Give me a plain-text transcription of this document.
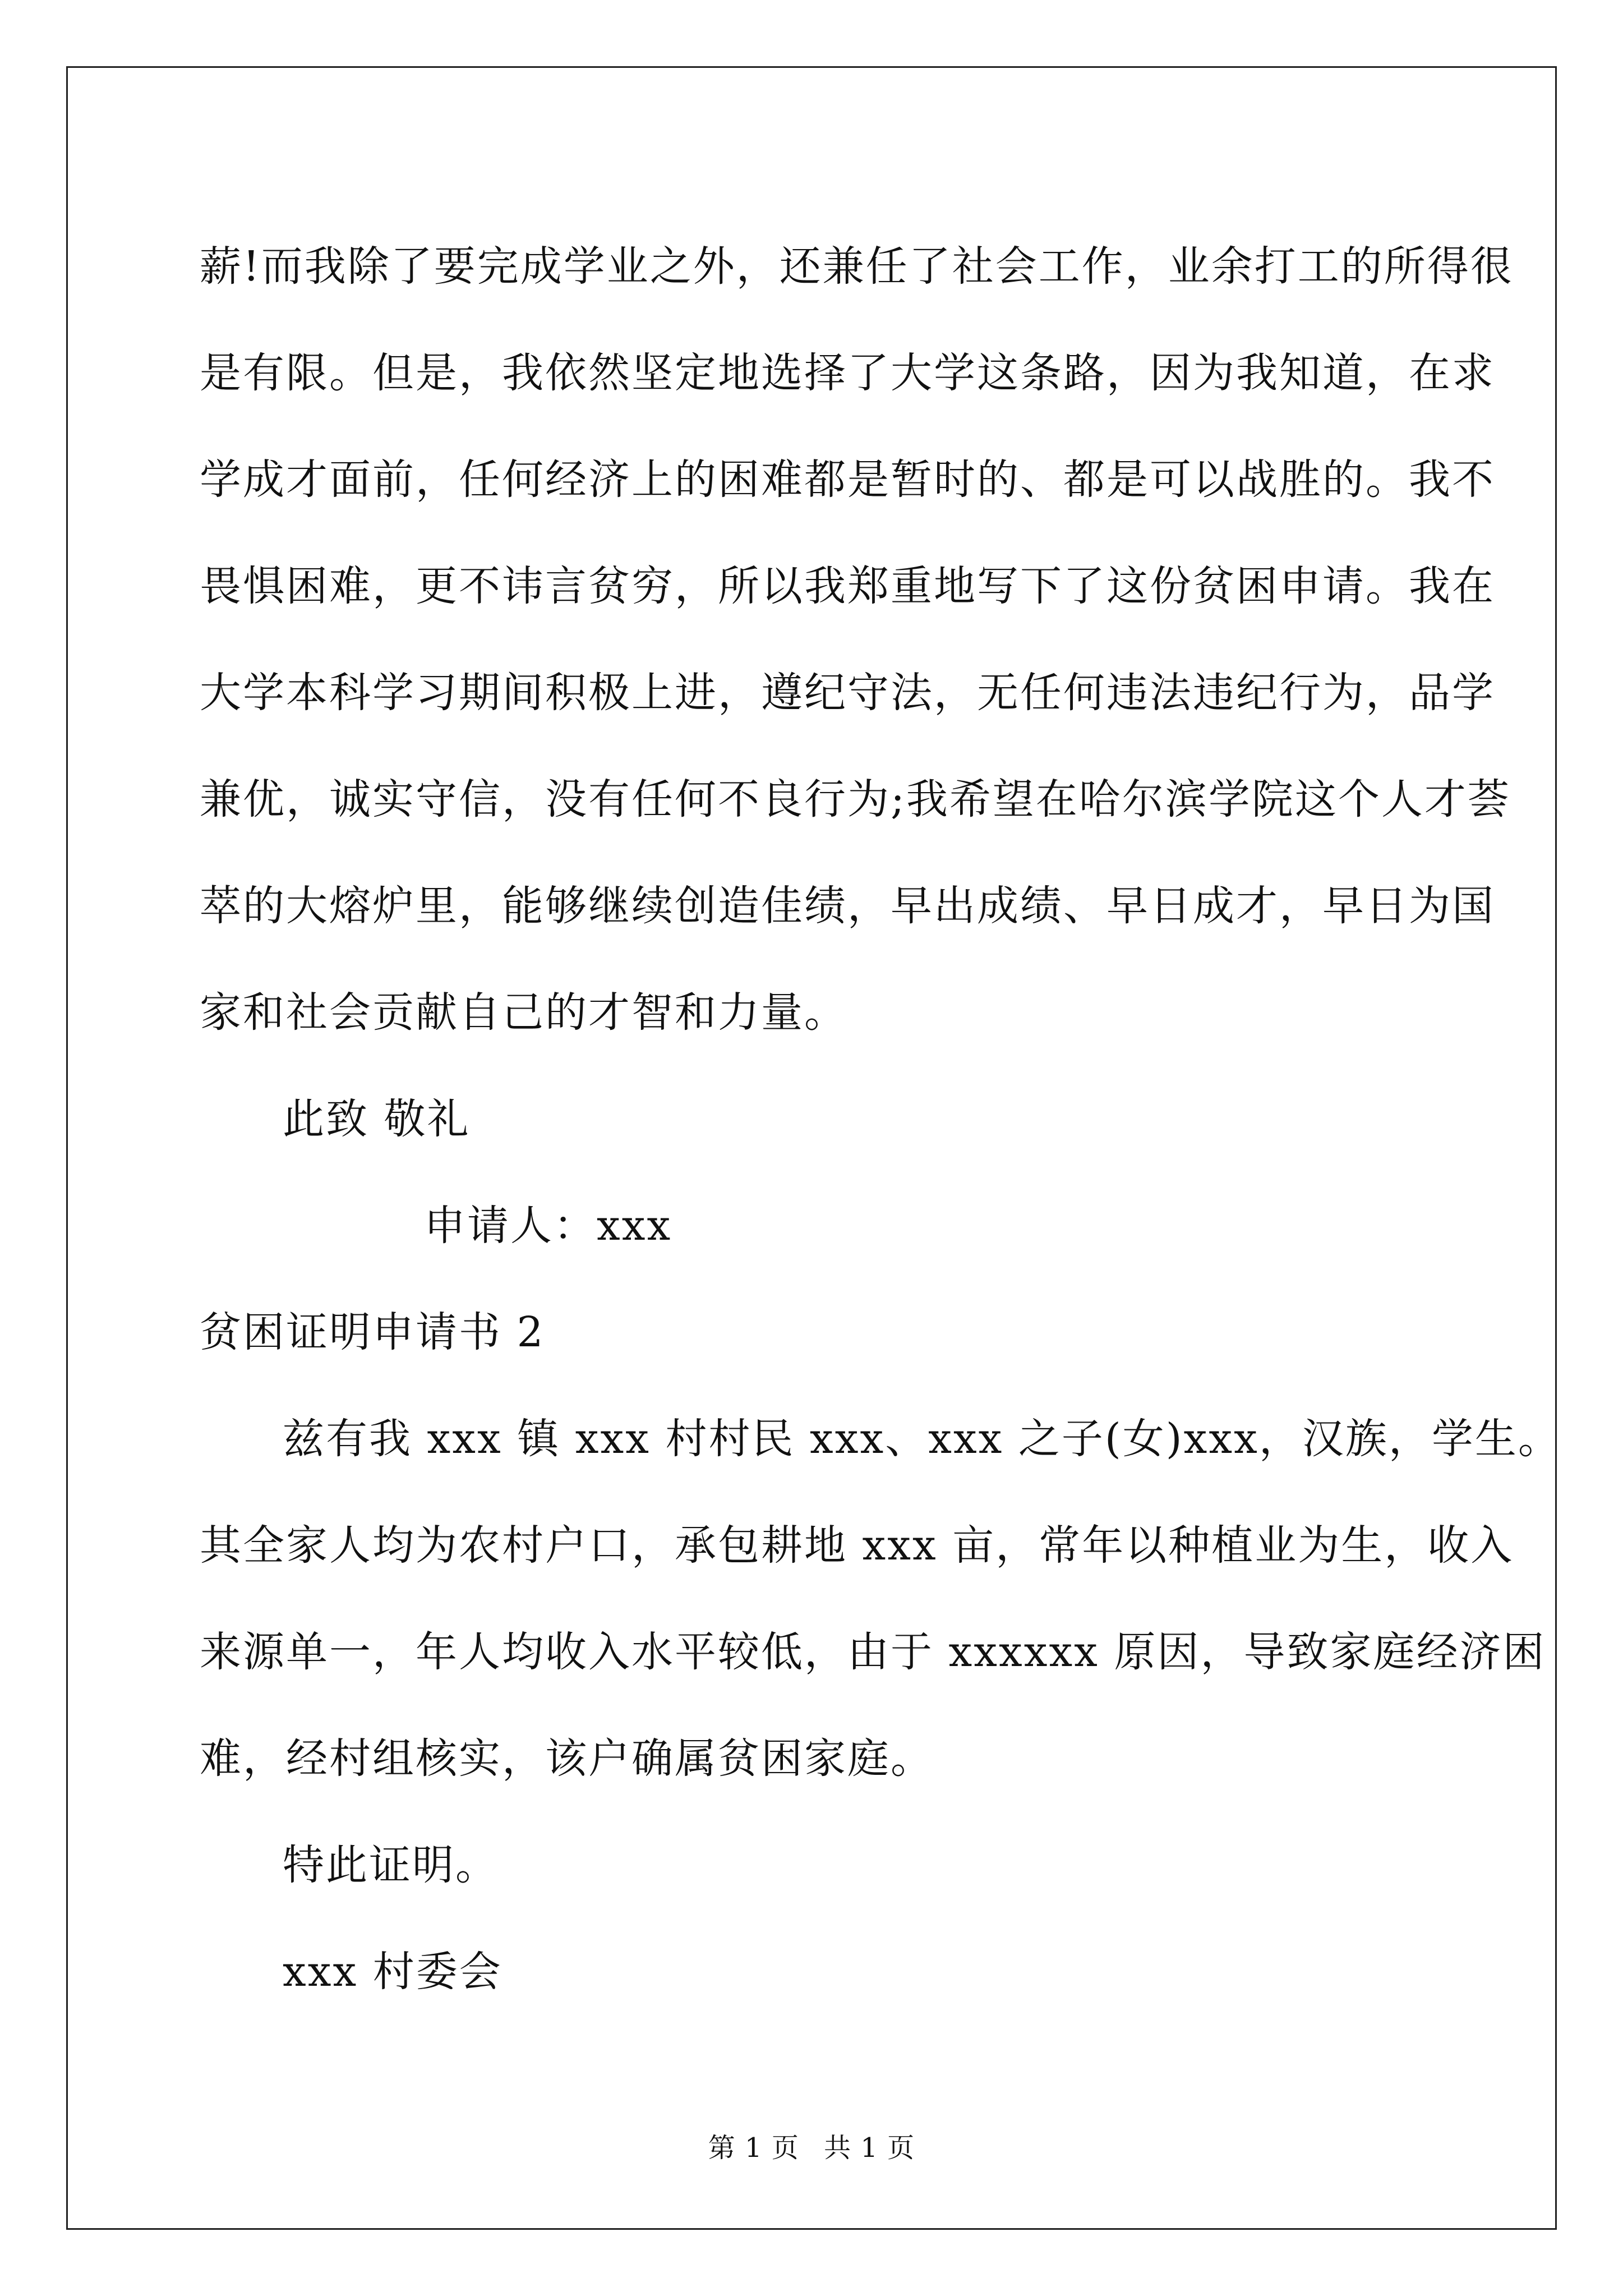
薪!而我除了要完成学业之外，还兼任了社会工作，业余打工的所得很
是有限。但是，我依然坚定地选择了大学这条路，因为我知道，在求
学成才面前，任何经济上的困难都是暂时的、都是可以战胜的。我不
畏惧困难，更不讳言贫穷，所以我郑重地写下了这份贫困申请。我在
大学本科学习期间积极上进，遵纪守法，无任何违法违纪行为，品学
兼优，诚实守信，没有任何不良行为;我希望在哈尔滨学院这个人才荟
萃的大熔炉里，能够继续创造佳绩，早出成绩、早日成才，早日为国
家和社会贡献自己的才智和力量。
此致 敬礼
申请人：xxx
贫困证明申请书 2
兹有我 xxx 镇 xxx 村村民 xxx、xxx 之子(女)xxx，汉族，学生。
其全家人均为农村户口，承包耕地 xxx 亩，常年以种植业为生，收入
来源单一，年人均收入水平较低，由于 xxxxxx 原因，导致家庭经济困
难，经村组核实，该户确属贫困家庭。
特此证明。
xxx 村委会
第 1 页 共 1 页
